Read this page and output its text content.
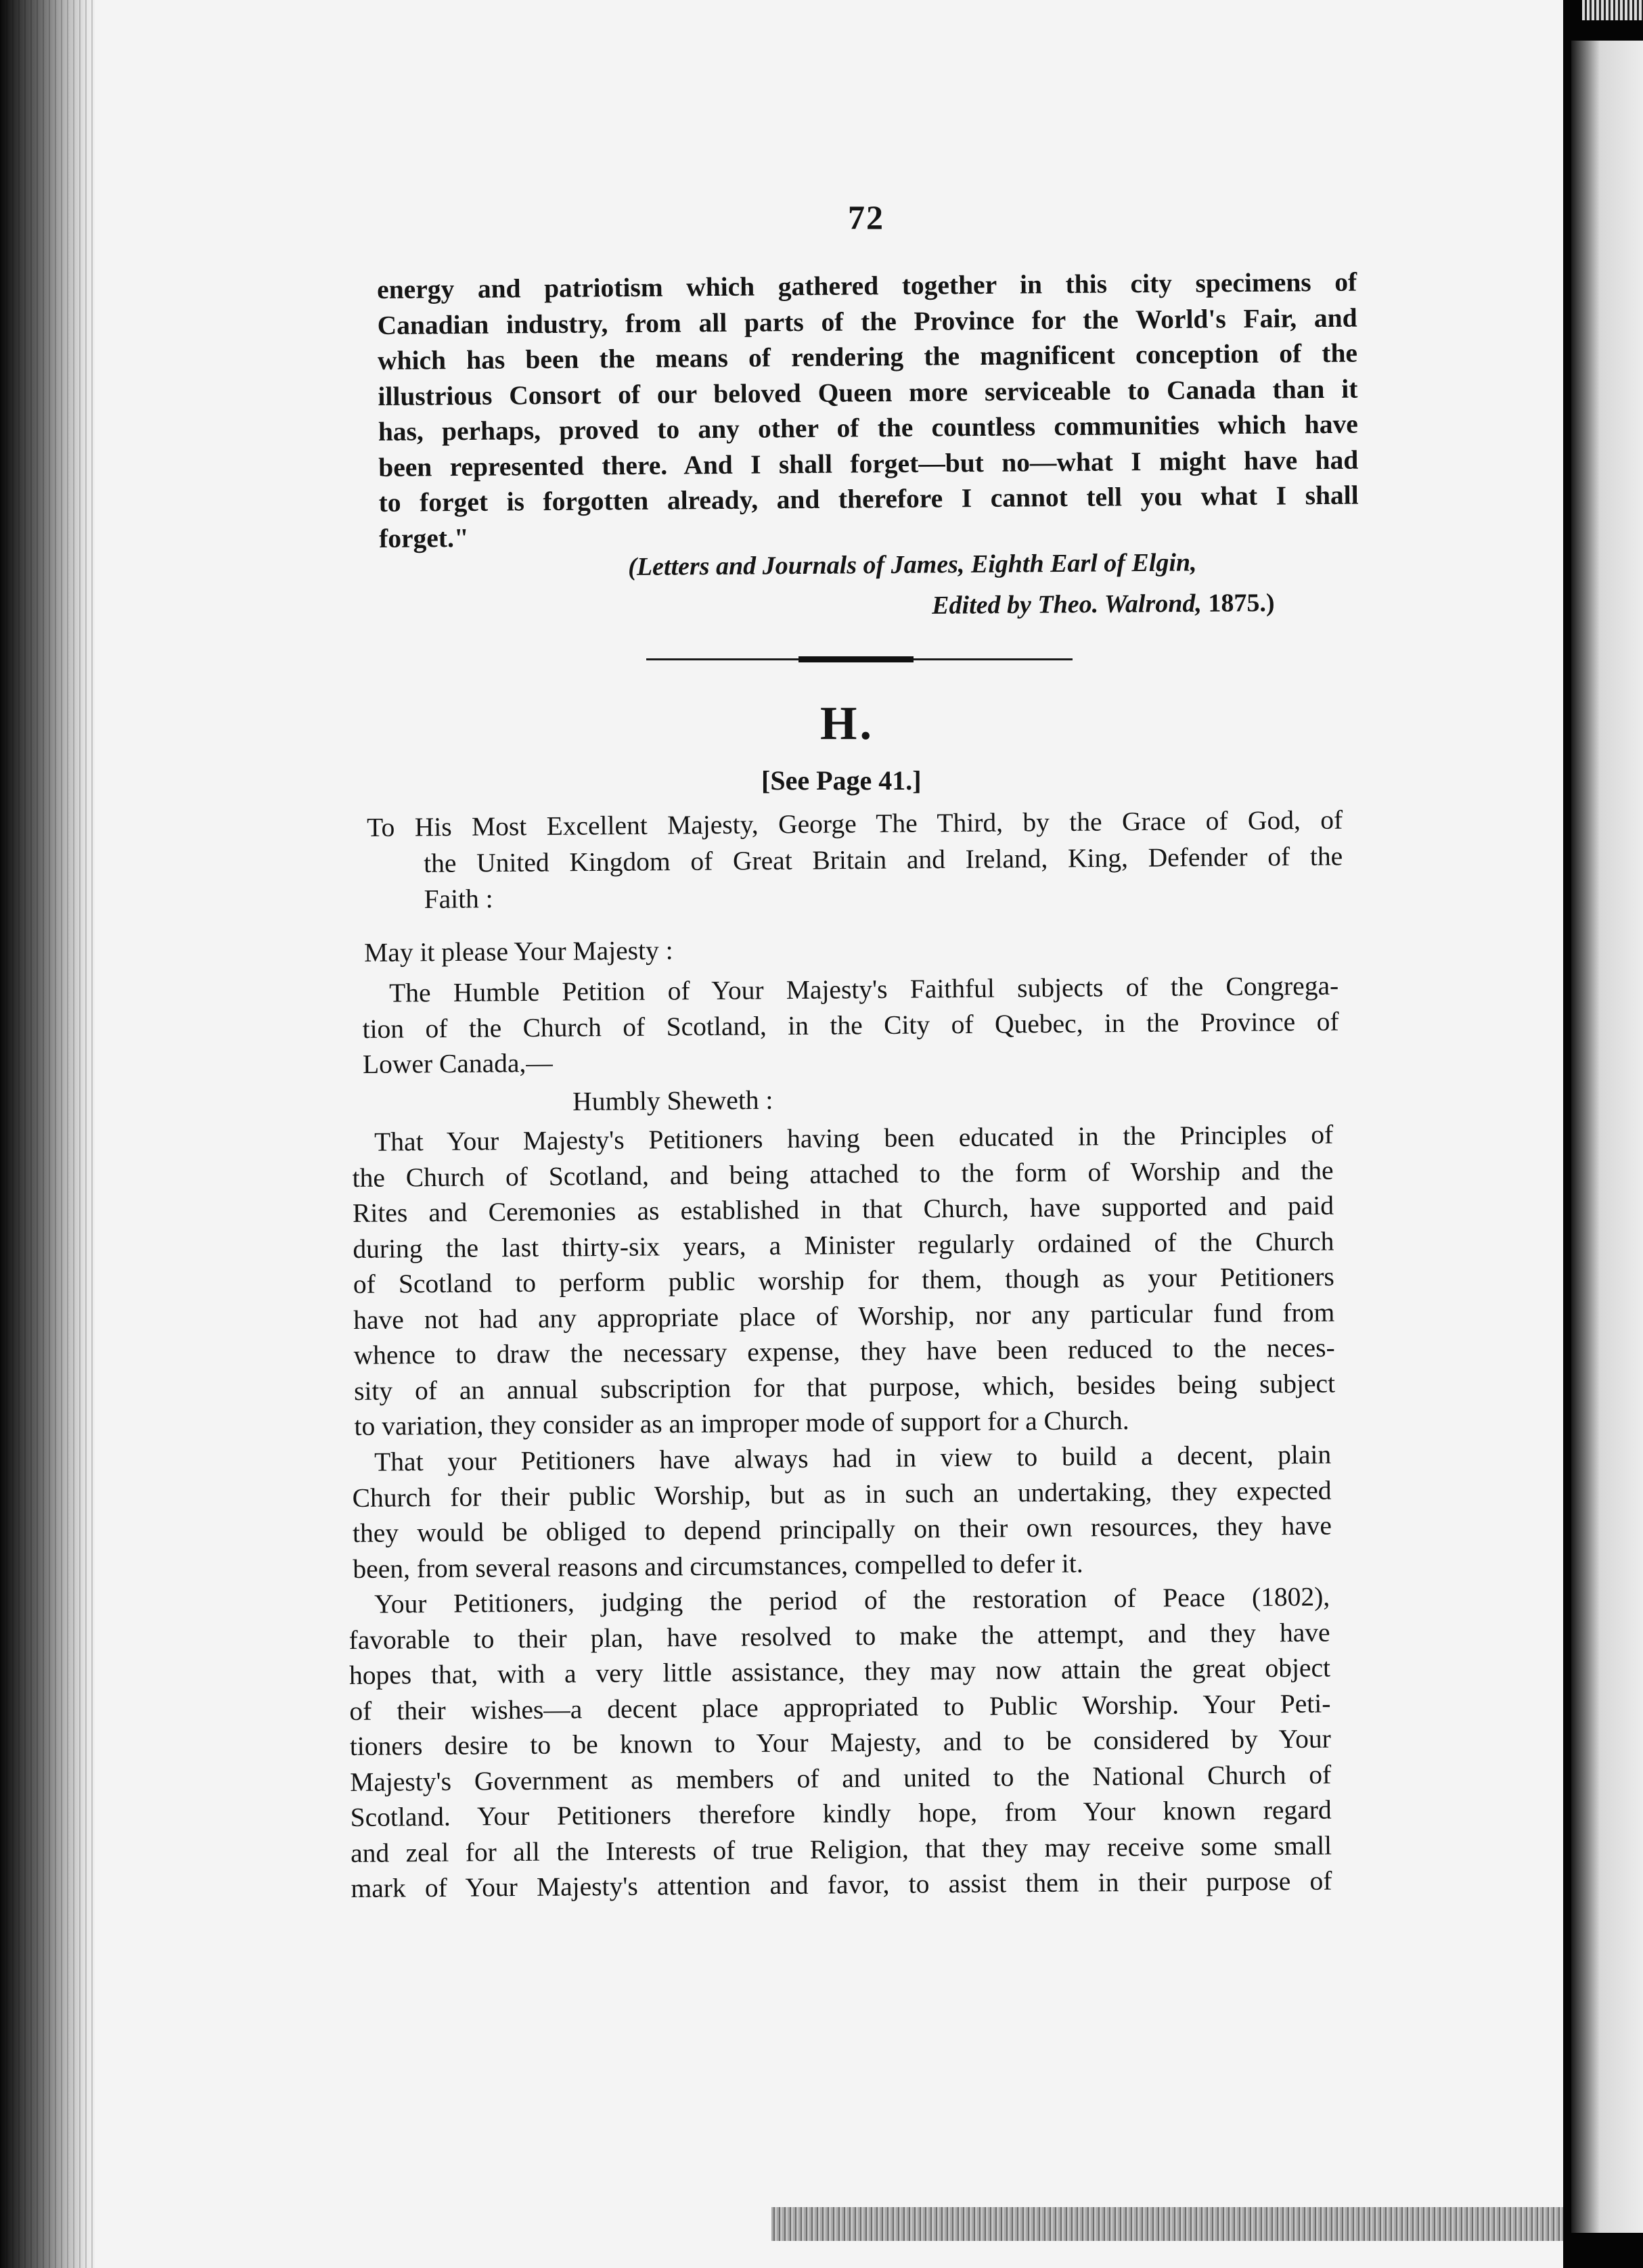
72
energy and patriotism which gathered together in this city specimens of
Canadian industry, from all parts of the Province for the World's Fair, and
which has been the means of rendering the magnificent conception of the
illustrious Consort of our beloved Queen more serviceable to Canada than it
has, perhaps, proved to any other of the countless communities which have
been represented there. And I shall forget—but no—what I might have had
to forget is forgotten already, and therefore I cannot tell you what I shall
forget."
(Letters and Journals of James, Eighth Earl of Elgin,
Edited by Theo. Walrond, 1875.)
H.
[See Page 41.]
To His Most Excellent Majesty, George The Third, by the Grace of God, of
the United Kingdom of Great Britain and Ireland, King, Defender of the
Faith :
May it please Your Majesty :
The Humble Petition of Your Majesty's Faithful subjects of the Congrega-
tion of the Church of Scotland, in the City of Quebec, in the Province of
Lower Canada,—
Humbly Sheweth :
That Your Majesty's Petitioners having been educated in the Principles of
the Church of Scotland, and being attached to the form of Worship and the
Rites and Ceremonies as established in that Church, have supported and paid
during the last thirty-six years, a Minister regularly ordained of the Church
of Scotland to perform public worship for them, though as your Petitioners
have not had any appropriate place of Worship, nor any particular fund from
whence to draw the necessary expense, they have been reduced to the neces-
sity of an annual subscription for that purpose, which, besides being subject
to variation, they consider as an improper mode of support for a Church.
That your Petitioners have always had in view to build a decent, plain
Church for their public Worship, but as in such an undertaking, they expected
they would be obliged to depend principally on their own resources, they have
been, from several reasons and circumstances, compelled to defer it.
Your Petitioners, judging the period of the restoration of Peace (1802),
favorable to their plan, have resolved to make the attempt, and they have
hopes that, with a very little assistance, they may now attain the great object
of their wishes—a decent place appropriated to Public Worship. Your Peti-
tioners desire to be known to Your Majesty, and to be considered by Your
Majesty's Government as members of and united to the National Church of
Scotland. Your Petitioners therefore kindly hope, from Your known regard
and zeal for all the Interests of true Religion, that they may receive some small
mark of Your Majesty's attention and favor, to assist them in their purpose of
